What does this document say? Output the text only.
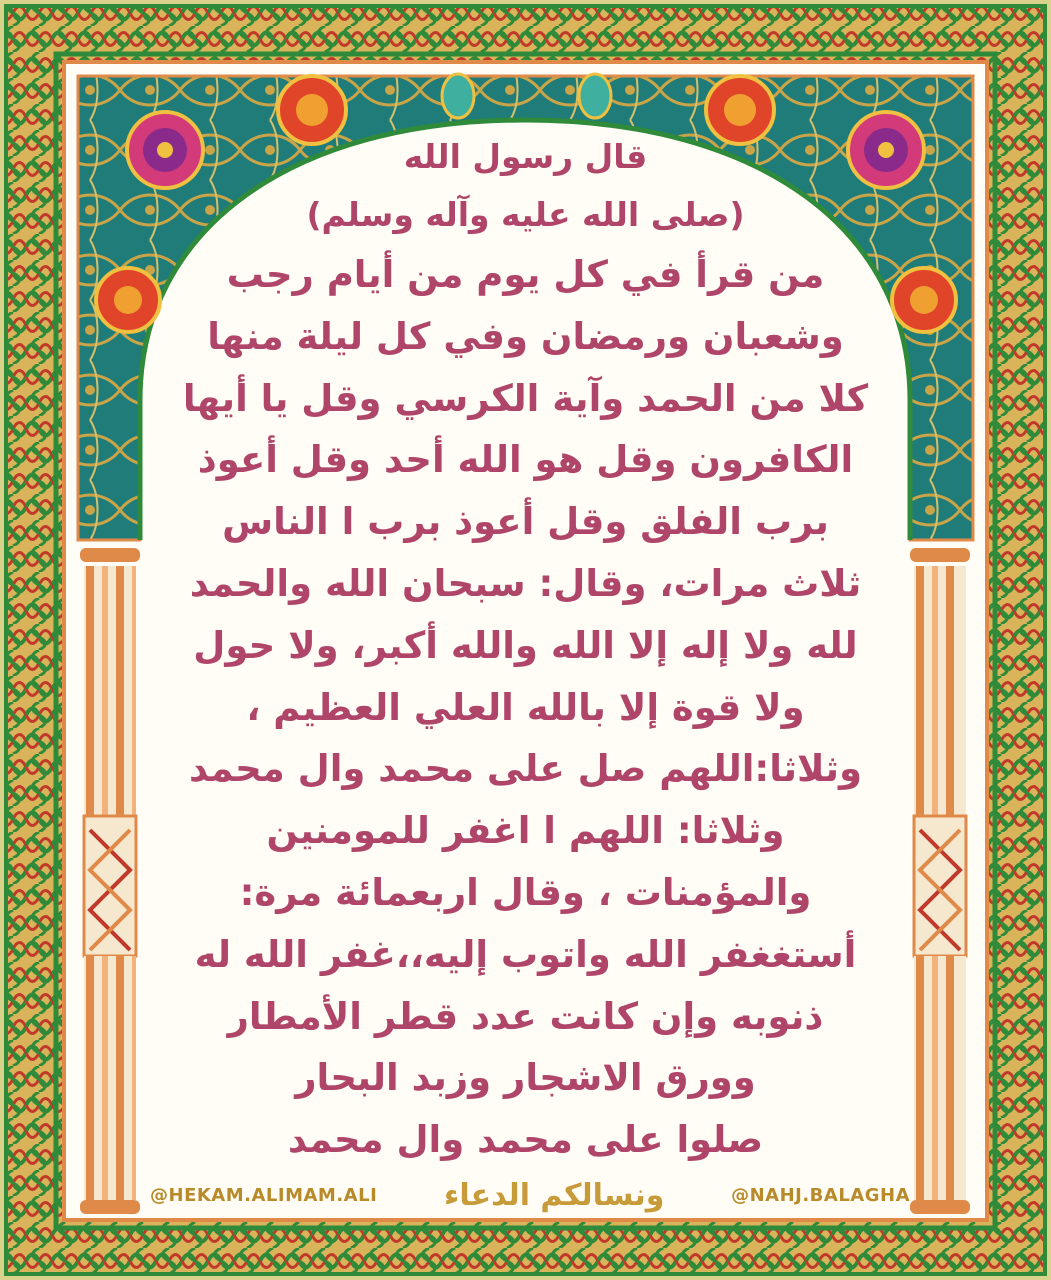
قال رسول الله
(صلى الله عليه وآله وسلم)
من قرأ في كل يوم من أيام رجب
وشعبان ورمضان وفي كل ليلة منها
كلا من الحمد وآية الكرسي وقل يا أيها
الكافرون وقل هو الله أحد وقل أعوذ
برب الفلق وقل أعوذ برب ا الناس
ثلاث مرات، وقال: سبحان الله والحمد
لله ولا إله إلا الله والله أكبر، ولا حول
ولا قوة إلا بالله العلي العظيم ،
وثلاثا:اللهم صل على محمد وال محمد
وثلاثا: اللهم ا اغفر للمومنين
والمؤمنات ، وقال اربعمائة مرة:
أستغغفر الله واتوب إليه،،غفر الله له
ذنوبه وإن كانت عدد قطر الأمطار
وورق الاشجار وزبد البحار
صلوا على محمد وال محمد
@HEKAM.ALIMAM.ALI ونسالكم الدعاء	@NAHJ.BALAGHA
